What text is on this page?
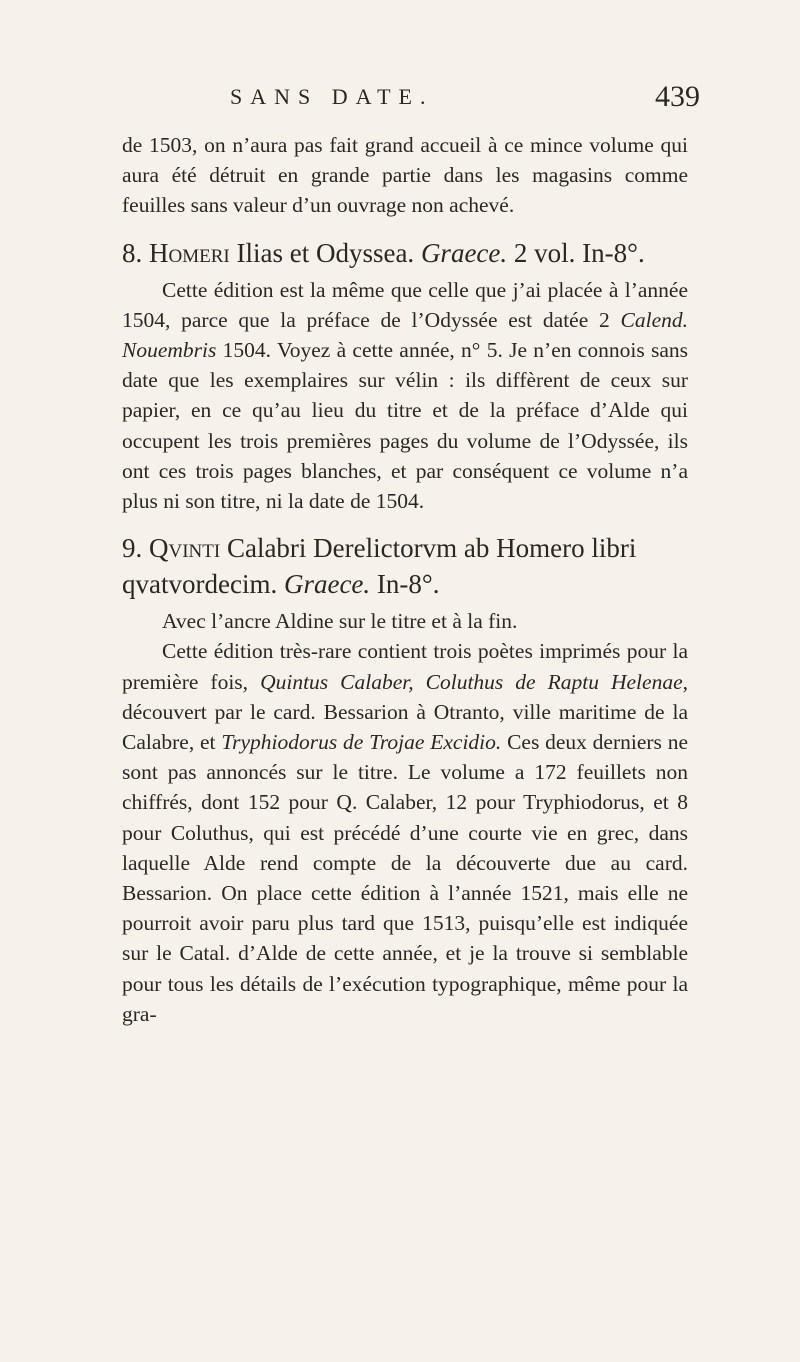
SANS DATE.	439

de 1503, on n’aura pas fait grand accueil à ce mince volume qui aura été détruit en grande partie dans les magasins comme feuilles sans valeur d’un ouvrage non achevé.

8. Homeri Ilias et Odyssea. Graece. 2 vol. In-8°.

Cette édition est la même que celle que j’ai placée à l’année 1504, parce que la préface de l’Odyssée est datée 2 Calend. Nouembris 1504. Voyez à cette année, n° 5. Je n’en connois sans date que les exemplaires sur vélin : ils diffèrent de ceux sur papier, en ce qu’au lieu du titre et de la préface d’Alde qui occupent les trois premières pages du volume de l’Odyssée, ils ont ces trois pages blanches, et par conséquent ce volume n’a plus ni son titre, ni la date de 1504.

9. Qvinti Calabri Derelictorvm ab Homero libri qvatvordecim. Graece. In-8°.

Avec l’ancre Aldine sur le titre et à la fin.

Cette édition très-rare contient trois poètes imprimés pour la première fois, Quintus Calaber, Coluthus de Raptu Helenae, découvert par le card. Bessarion à Otranto, ville maritime de la Calabre, et Tryphiodorus de Trojae Excidio. Ces deux derniers ne sont pas annoncés sur le titre. Le volume a 172 feuillets non chiffrés, dont 152 pour Q. Calaber, 12 pour Tryphiodorus, et 8 pour Coluthus, qui est précédé d’une courte vie en grec, dans laquelle Alde rend compte de la découverte due au card. Bessarion. On place cette édition à l’année 1521, mais elle ne pourroit avoir paru plus tard que 1513, puisqu’elle est indiquée sur le Catal. d’Alde de cette année, et je la trouve si semblable pour tous les détails de l’exécution typographique, même pour la gra-
